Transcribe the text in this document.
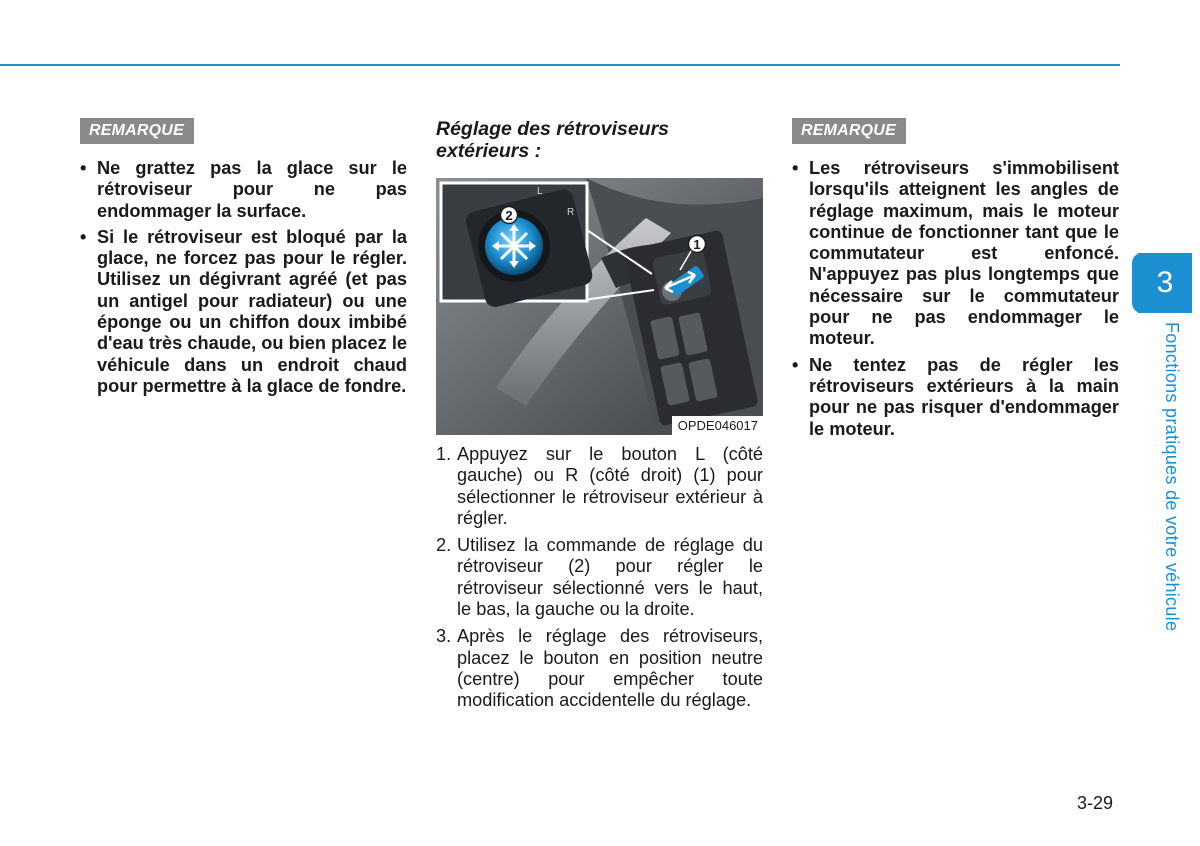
REMARQUE
• Ne grattez pas la glace sur le rétroviseur pour ne pas endommager la surface.
• Si le rétroviseur est bloqué par la glace, ne forcez pas pour le régler. Utilisez un dégivrant agréé (et pas un antigel pour radiateur) ou une éponge ou un chiffon doux imbibé d'eau très chaude, ou bien placez le véhicule dans un endroit chaud pour permettre à la glace de fondre.
Réglage des rétroviseurs extérieurs :
2
L
R
1
OPDE046017
1. Appuyez sur le bouton L (côté gauche) ou R (côté droit) (1) pour sélectionner le rétroviseur extérieur à régler.
2. Utilisez la commande de réglage du rétroviseur (2) pour régler le rétroviseur sélectionné vers le haut, le bas, la gauche ou la droite.
3. Après le réglage des rétroviseurs, placez le bouton en position neutre (centre) pour empêcher toute modification accidentelle du réglage.
REMARQUE
• Les rétroviseurs s'immobilisent lorsqu'ils atteignent les angles de réglage maximum, mais le moteur continue de fonctionner tant que le commutateur est enfoncé. N'appuyez pas plus longtemps que nécessaire sur le commutateur pour ne pas endommager le moteur.
• Ne tentez pas de régler les rétroviseurs extérieurs à la main pour ne pas risquer d'endommager le moteur.
3
Fonctions pratiques de votre véhicule
3-29
